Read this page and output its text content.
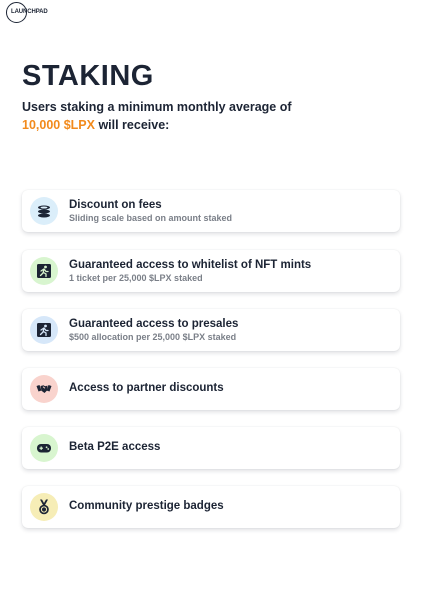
LAUNCHPAD
STAKING
Users staking a minimum monthly average of
10,000 $LPX will receive:
Discount on fees
Sliding scale based on amount staked
Guaranteed access to whitelist of NFT mints
1 ticket per 25,000 $LPX staked
Guaranteed access to presales
$500 allocation per 25,000 $LPX staked
Access to partner discounts
Beta P2E access
Community prestige badges
